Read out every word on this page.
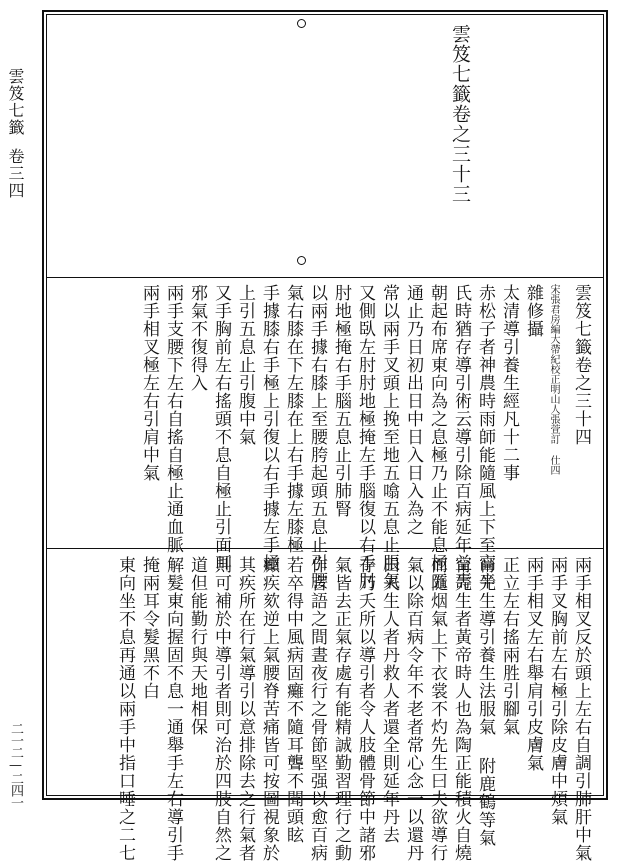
雲笈七籤
卷三四
二一二—二四一
雲笈七籤卷之三十三
雲笈七籤卷之三十四
宋張君房編大帶紀校正明山人張萱訂 仕四
雜修攝
太清導引養生經凡十二事
赤松子者神農時雨師能隨風上下至高辛
氏時猶存導引術云導引除百病延年益壽
朝起布席東向為之息極乃止不能息極五
通止乃日初出日中日入日入為之
常以兩手叉頭上挽至地五噏五息止脹氣
又側臥左肘肘地極掩左手腦復以右手肘
肘地極掩右手腦五息止引肺腎
以兩手據右膝上至腰胯起頭五息止引腰
氣右膝在下左膝在上右手據左膝極
手據膝右手極上引復以右手據左手極
上引五息止引腹中氣
又手胸前左右搖頭不息自極止引面耳
邪氣不復得入
兩手支腰下左右自搖自極止通血脈
兩手相叉極左右引肩中氣
兩手相叉反於頭上左右自調引肺肝中氣
兩手叉胸前左右極引除皮膚中煩氣
兩手相叉左右舉肩引皮膚氣
正立左右搖兩胜引腳氣
甯先生導引養生法服氣 附鹿鶴等氣
甯先生者黃帝時人也為陶正能積火自燒
而隨烟氣上下衣裳不灼先生曰夫欲導行
氣以除百病令年不老者常心念一以還丹
田夫生人者丹救人者還全則延年丹去
存乃夭所以導引者令人肢體骨節中諸邪
氣皆去正氣存處有能精誠勤習理行之動
作言語之間晝夜行之骨節堅强以愈百病
若卒得中風病固癱不隨耳聾不聞頭眩
癲疾欬逆上氣腰脊苦痛皆可按圖視象於
其疾所在行氣導引以意排除去之行氣者
則可補於中導引者則可治於四肢自然之
道但能勤行與天地相保
解髮東向握固不息一通舉手左右導引手
掩兩耳令髮黑不白
東向坐不息再通以兩手中指口唾之二七
